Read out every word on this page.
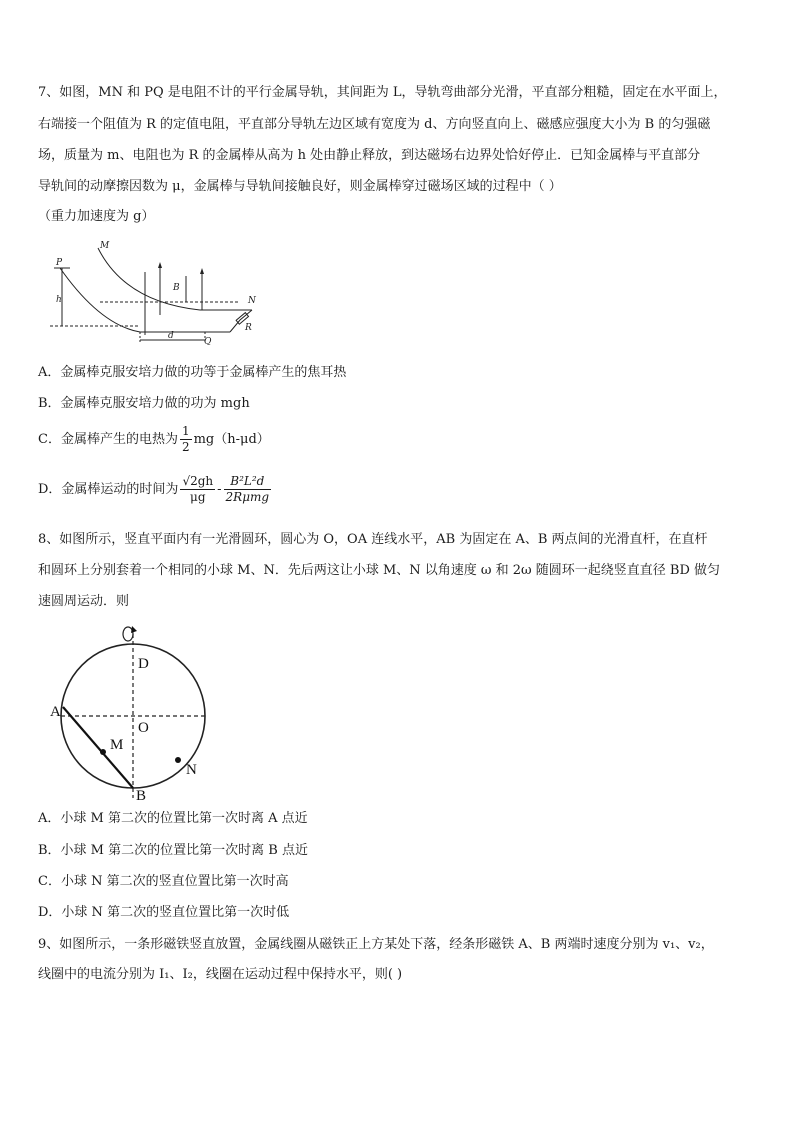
7、如图，MN 和 PQ 是电阻不计的平行金属导轨，其间距为 L，导轨弯曲部分光滑，平直部分粗糙，固定在水平面上，
右端接一个阻值为 R 的定值电阻，平直部分导轨左边区域有宽度为 d、方向竖直向上、磁感应强度大小为 B 的匀强磁
场，质量为 m、电阻也为 R 的金属棒从高为 h 处由静止释放，到达磁场右边界处恰好停止．已知金属棒与平直部分
导轨间的动摩擦因数为 μ，金属棒与导轨间接触良好，则金属棒穿过磁场区域的过程中（ ）
（重力加速度为 g）
M
P
h
B
N
d
R
Q
A．金属棒克服安培力做的功等于金属棒产生的焦耳热
B．金属棒克服安培力做的功为 mgh
C．金属棒产生的电热为 $\frac{1}{2} mg(h-\mu d)$
D．金属棒运动的时间为 $\frac{√2gh}{\mu g} - \frac{\text{B²L²d}}{\text{2Rμmg}}$
8、如图所示，竖直平面内有一光滑圆环，圆心为 O，OA 连线水平，AB 为固定在 A、B 两点间的光滑直杆，在直杆
和圆环上分别套着一个相同的小球 M、N．先后两这让小球 M、N 以角速度 ω 和 2ω 随圆环一起绕竖直直径 BD 做匀
速圆周运动．则
D
A
O
M
N
B
A．小球 M 第二次的位置比第一次时离 A 点近
B．小球 M 第二次的位置比第一次时离 B 点近
C．小球 N 第二次的竖直位置比第一次时高
D．小球 N 第二次的竖直位置比第一次时低
9、如图所示，一条形磁铁竖直放置，金属线圈从磁铁正上方某处下落，经条形磁铁 A、B 两端时速度分别为 v₁、v₂，
线圈中的电流分别为 I₁、I₂，线圈在运动过程中保持水平，则( )
